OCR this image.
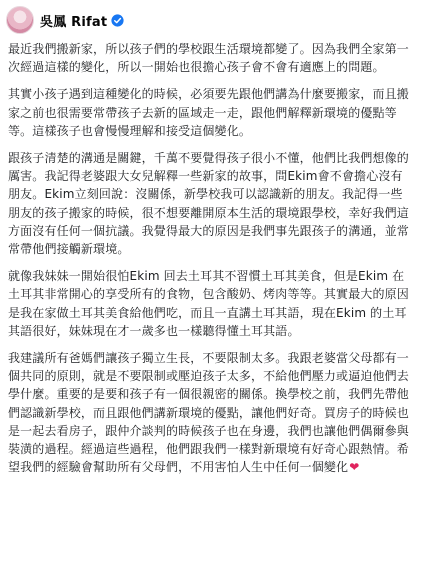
吳鳳 Rifat

最近我們搬新家，所以孩子們的學校跟生活環境都變了。因為我們全家第一次經過這樣的變化，所以一開始也很擔心孩子會不會有適應上的問題。

其實小孩子遇到這種變化的時候，必須要先跟他們講為什麼要搬家，而且搬家之前也很需要常帶孩子去新的區域走一走，跟他們解釋新環境的優點等等。這樣孩子也會慢慢理解和接受這個變化。

跟孩子清楚的溝通是關鍵，千萬不要覺得孩子很小不懂，他們比我們想像的厲害。我記得老婆跟大女兒解釋一些新家的故事，問Ekim會不會擔心沒有朋友。Ekim立刻回說：沒關係，新學校我可以認識新的朋友。我記得一些朋友的孩子搬家的時候，很不想要離開原本生活的環境跟學校，幸好我們這方面沒有任何一個抗議。我覺得最大的原因是我們事先跟孩子的溝通，並常常帶他們接觸新環境。

就像我妹妹一開始很怕Ekim 回去土耳其不習慣土耳其美食，但是Ekim 在土耳其非常開心的享受所有的食物，包含酸奶、烤肉等等。其實最大的原因是我在家做土耳其美食給他們吃，而且一直講土耳其語，現在Ekim 的土耳其語很好，妹妹現在才一歲多也一樣聽得懂土耳其語。

我建議所有爸媽們讓孩子獨立生長，不要限制太多。我跟老婆當父母都有一個共同的原則，就是不要限制或壓迫孩子太多，不給他們壓力或逼迫他們去學什麼。重要的是要和孩子有一個很親密的關係。換學校之前，我們先帶他們認識新學校，而且跟他們講新環境的優點，讓他們好奇。買房子的時候也是一起去看房子，跟仲介談判的時候孩子也在身邊，我們也讓他們偶爾參與裝潢的過程。經過這些過程，他們跟我們一樣對新環境有好奇心跟熱情。希望我們的經驗會幫助所有父母們，不用害怕人生中任何一個變化❤
